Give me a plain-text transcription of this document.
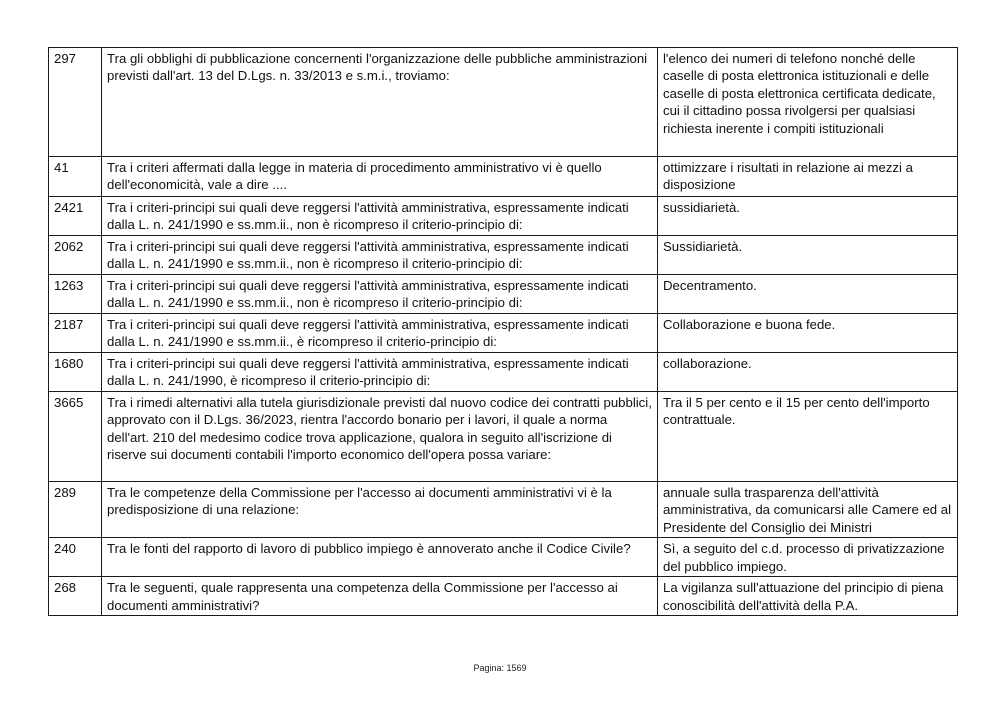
297	Tra gli obblighi di pubblicazione concernenti l'organizzazione delle pubbliche amministrazioni previsti dall'art. 13 del D.Lgs. n. 33/2013 e s.m.i., troviamo:	l'elenco dei numeri di telefono nonché delle caselle di posta elettronica istituzionali e delle caselle di posta elettronica certificata dedicate, cui il cittadino possa rivolgersi per qualsiasi richiesta inerente i compiti istituzionali
41	Tra i criteri affermati dalla legge in materia di procedimento amministrativo vi è quello dell'economicità, vale a dire ....	ottimizzare i risultati in relazione ai mezzi a disposizione
2421	Tra i criteri-principi sui quali deve reggersi l'attività amministrativa, espressamente indicati dalla L. n. 241/1990 e ss.mm.ii., non è ricompreso il criterio-principio di:	sussidiarietà.
2062	Tra i criteri-principi sui quali deve reggersi l'attività amministrativa, espressamente indicati dalla L. n. 241/1990 e ss.mm.ii., non è ricompreso il criterio-principio di:	Sussidiarietà.
1263	Tra i criteri-principi sui quali deve reggersi l'attività amministrativa, espressamente indicati dalla L. n. 241/1990 e ss.mm.ii., non è ricompreso il criterio-principio di:	Decentramento.
2187	Tra i criteri-principi sui quali deve reggersi l'attività amministrativa, espressamente indicati dalla L. n. 241/1990 e ss.mm.ii., è ricompreso il criterio-principio di:	Collaborazione e buona fede.
1680	Tra i criteri-principi sui quali deve reggersi l'attività amministrativa, espressamente indicati dalla L. n. 241/1990, è ricompreso il criterio-principio di:	collaborazione.
3665	Tra i rimedi alternativi alla tutela giurisdizionale previsti dal nuovo codice dei contratti pubblici, approvato con il D.Lgs. 36/2023, rientra l'accordo bonario per i lavori, il quale a norma dell'art. 210 del medesimo codice trova applicazione, qualora in seguito all'iscrizione di riserve sui documenti contabili l'importo economico dell'opera possa variare:	Tra il 5 per cento e il 15 per cento dell'importo contrattuale.
289	Tra le competenze della Commissione per l'accesso ai documenti amministrativi vi è la predisposizione di una relazione:	annuale sulla trasparenza dell'attività amministrativa, da comunicarsi alle Camere ed al Presidente del Consiglio dei Ministri
240	Tra le fonti del rapporto di lavoro di pubblico impiego è annoverato anche il Codice Civile?	Sì, a seguito del c.d. processo di privatizzazione del pubblico impiego.
268	Tra le seguenti, quale rappresenta una competenza della Commissione per l'accesso ai documenti amministrativi?	La vigilanza sull'attuazione del principio di piena conoscibilità dell'attività della P.A.
Pagina: 1569
